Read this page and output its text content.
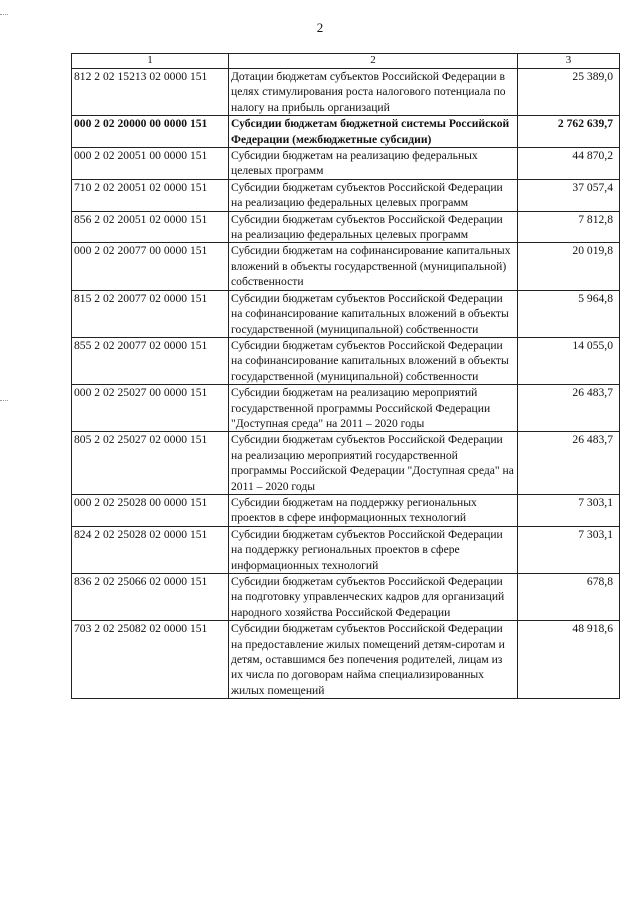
2
1	2	3
812 2 02 15213 02 0000 151	Дотации бюджетам субъектов Российской Федерации в целях стимулирования роста налогового потенциала по налогу на прибыль организаций	25 389,0
000 2 02 20000 00 0000 151	Субсидии бюджетам бюджетной системы Российской Федерации (межбюджетные субсидии)	2 762 639,7
000 2 02 20051 00 0000 151	Субсидии бюджетам на реализацию федеральных целевых программ	44 870,2
710 2 02 20051 02 0000 151	Субсидии бюджетам субъектов Российской Федерации на реализацию федеральных целевых программ	37 057,4
856 2 02 20051 02 0000 151	Субсидии бюджетам субъектов Российской Федерации на реализацию федеральных целевых программ	7 812,8
000 2 02 20077 00 0000 151	Субсидии бюджетам на софинансирование капитальных вложений в объекты государственной (муниципальной) собственности	20 019,8
815 2 02 20077 02 0000 151	Субсидии бюджетам субъектов Российской Федерации на софинансирование капитальных вложений в объекты государственной (муниципальной) собственности	5 964,8
855 2 02 20077 02 0000 151	Субсидии бюджетам субъектов Российской Федерации на софинансирование капитальных вложений в объекты государственной (муниципальной) собственности	14 055,0
000 2 02 25027 00 0000 151	Субсидии бюджетам на реализацию мероприятий государственной программы Российской Федерации "Доступная среда" на 2011 – 2020 годы	26 483,7
805 2 02 25027 02 0000 151	Субсидии бюджетам субъектов Российской Федерации на реализацию мероприятий государственной программы Российской Федерации "Доступная среда" на 2011 – 2020 годы	26 483,7
000 2 02 25028 00 0000 151	Субсидии бюджетам на поддержку региональных проектов в сфере информационных технологий	7 303,1
824 2 02 25028 02 0000 151	Субсидии бюджетам субъектов Российской Федерации на поддержку региональных проектов в сфере информационных технологий	7 303,1
836 2 02 25066 02 0000 151	Субсидии бюджетам субъектов Российской Федерации на подготовку управленческих кадров для организаций народного хозяйства Российской Федерации	678,8
703 2 02 25082 02 0000 151	Субсидии бюджетам субъектов Российской Федерации на предоставление жилых помещений детям-сиротам и детям, оставшимся без попечения родителей, лицам из их числа по договорам найма специализированных жилых помещений	48 918,6
